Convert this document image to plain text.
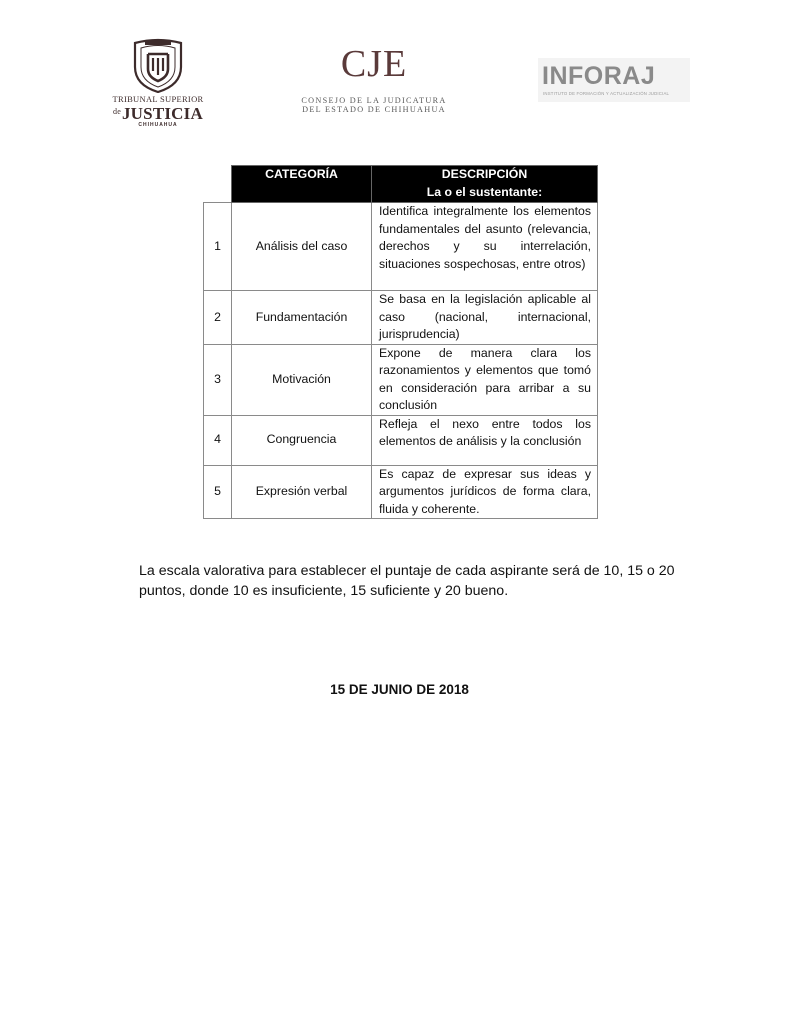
TRIBUNAL SUPERIOR
$^{de}$JUSTICIA
CHIHUAHUA
CJE
CONSEJO DE LA JUDICATURA
DEL ESTADO DE CHIHUAHUA
INFORAJ
INSTITUTO DE FORMACIÓN Y ACTUALIZACIÓN JUDICIAL

	CATEGORÍA	DESCRIPCIÓN
La o el sustentante:

1	Análisis del caso	Identifica integralmente los elementos fundamentales del asunto (relevancia, derechos y su interrelación, situaciones sospechosas, entre otros)
2	Fundamentación	Se basa en la legislación aplicable al caso (nacional, internacional, jurisprudencia)
3	Motivación	Expone de manera clara los razonamientos y elementos que tomó en consideración para arribar a su conclusión
4	Congruencia	Refleja el nexo entre todos los elementos de análisis y la conclusión
5	Expresión verbal	Es capaz de expresar sus ideas y argumentos jurídicos de forma clara, fluida y coherente.
La escala valorativa para establecer el puntaje de cada aspirante será de 10, 15 o 20 puntos, donde 10 es insuficiente, 15 suficiente y 20 bueno.
15 DE JUNIO DE 2018
